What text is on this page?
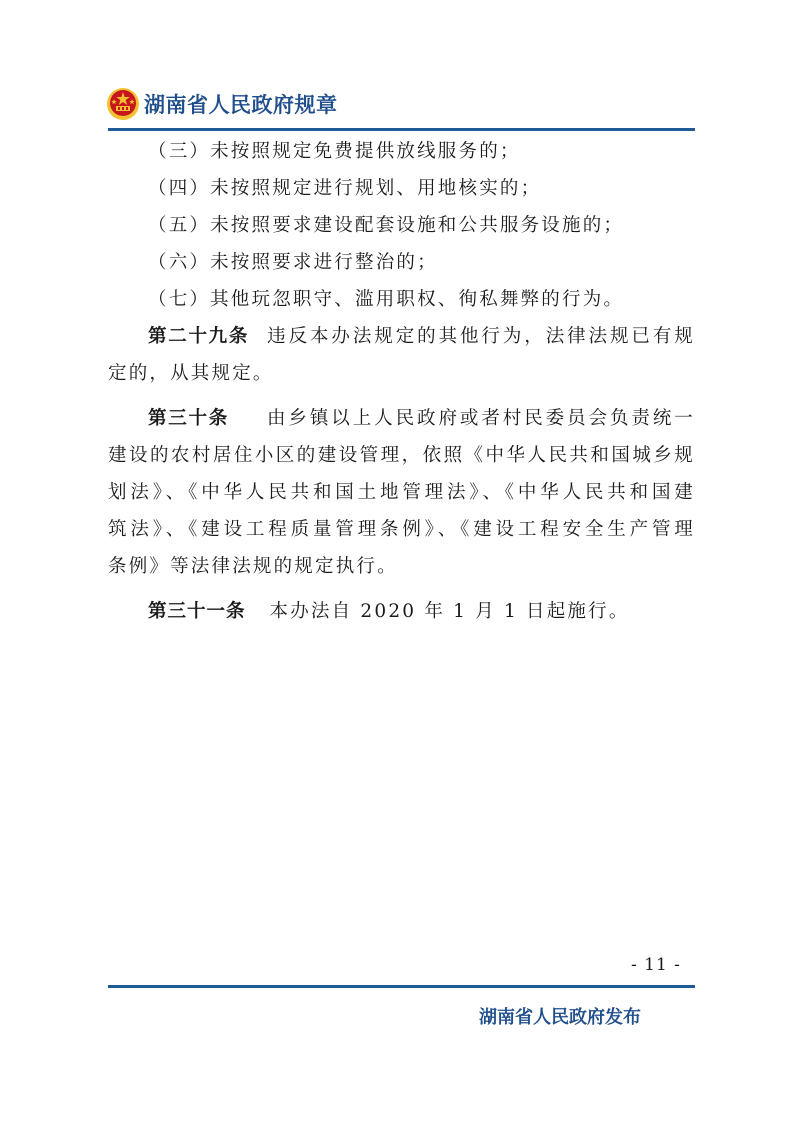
湖南省人民政府规章
（三）未按照规定免费提供放线服务的；
（四）未按照规定进行规划、用地核实的；
（五）未按照要求建设配套设施和公共服务设施的；
（六）未按照要求进行整治的；
（七）其他玩忽职守、滥用职权、徇私舞弊的行为。
第二十九条 违反本办法规定的其他行为，法律法规已有规
定的，从其规定。
第三十条 由乡镇以上人民政府或者村民委员会负责统一
建设的农村居住小区的建设管理，依照《中华人民共和国城乡规
划法》、《中华人民共和国土地管理法》、《中华人民共和国建
筑法》、《建设工程质量管理条例》、《建设工程安全生产管理
条例》等法律法规的规定执行。
第三十一条 本办法自 2020 年 1 月 1 日起施行。
- 11 -
湖南省人民政府发布
